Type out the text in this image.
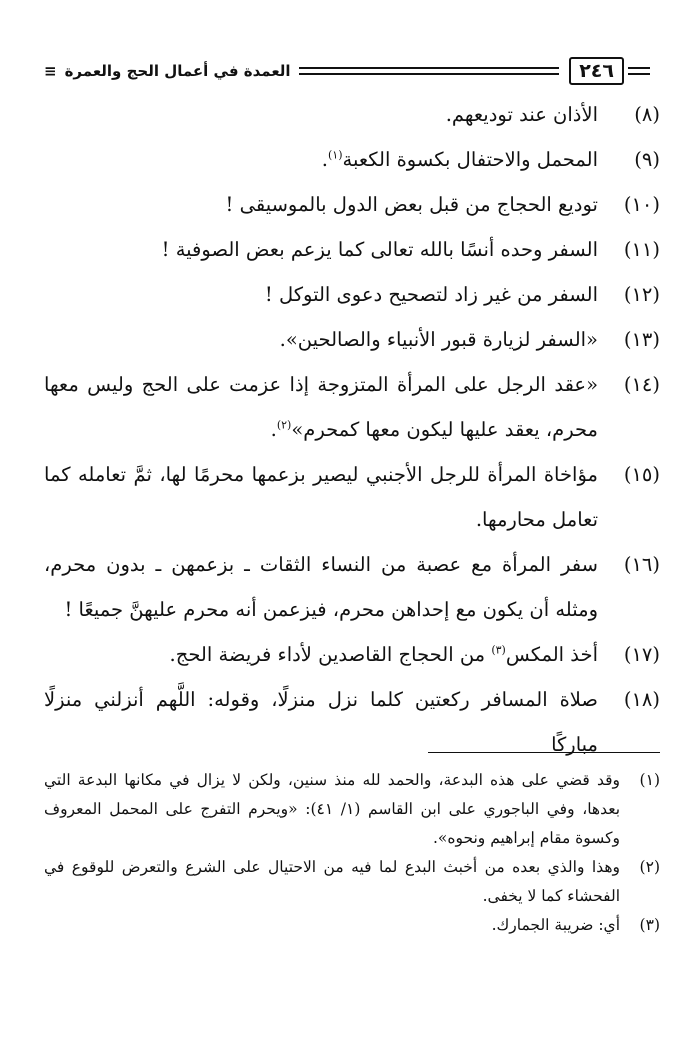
٢٤٦
العمدة في أعمال الحج والعمرة
≡
(٨)
الأذان عند توديعهم.
(٩)
المحمل والاحتفال بكسوة الكعبة$^{(١)}$.
(١٠)
توديع الحجاج من قبل بعض الدول بالموسيقى !
(١١)
السفر وحده أنسًا بالله تعالى كما يزعم بعض الصوفية !
(١٢)
السفر من غير زاد لتصحيح دعوى التوكل !
(١٣)
«السفر لزيارة قبور الأنبياء والصالحين».
(١٤)
«عقد الرجل على المرأة المتزوجة إذا عزمت على الحج وليس معها محرم، يعقد عليها ليكون معها كمحرم»$^{(٢)}$.
(١٥)
مؤاخاة المرأة للرجل الأجنبي ليصير بزعمها محرمًا لها، ثمَّ تعامله كما تعامل محارمها.
(١٦)
سفر المرأة مع عصبة من النساء الثقات ـ بزعمهن ـ بدون محرم، ومثله أن يكون مع إحداهن محرم، فيزعمن أنه محرم عليهنَّ جميعًا !
(١٧)
أخذ المكس$^{(٣)}$ من الحجاج القاصدين لأداء فريضة الحج.
(١٨)
صلاة المسافر ركعتين كلما نزل منزلًا، وقوله: اللَّهم أنزلني منزلًا مباركًا
(١)
وقد قضي على هذه البدعة، والحمد لله منذ سنين، ولكن لا يزال في مكانها البدعة التي بعدها، وفي الباجوري على ابن القاسم (١/ ٤١): «ويحرم التفرج على المحمل المعروف وكسوة مقام إبراهيم ونحوه».
(٢)
وهذا والذي بعده من أخبث البدع لما فيه من الاحتيال على الشرع والتعرض للوقوع في الفحشاء كما لا يخفى.
(٣)
أي: ضريبة الجمارك.
